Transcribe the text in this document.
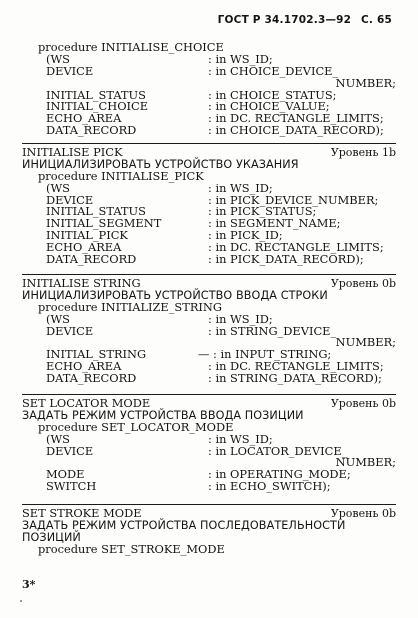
ГОСТ Р 34.1702.3—92 С. 65
procedure INITIALISE_CHOICE
(WS	: in WS_ID;
DEVICE	: in CHOICE_DEVICE_
NUMBER;
INITIAL_STATUS	: in CHOICE_STATUS;
INITIAL_CHOICE	: in CHOICE_VALUE;
ECHO_AREA	: in DC. RECTANGLE_LIMITS;
DATA_RECORD	: in CHOICE_DATA_RECORD);
INITIALISE PICK	Уровень 1b
ИНИЦИАЛИЗИРОВАТЬ УСТРОЙСТВО УКАЗАНИЯ
procedure INITIALISE_PICK
(WS	: in WS_ID;
DEVICE	: in PICK_DEVICE_NUMBER;
INITIAL_STATUS	: in PICK_STATUS;
INITIAL_SEGMENT	: in SEGMENT_NAME;
INITIAL_PICK	: in PICK_ID;
ECHO_AREA	: in DC. RECTANGLE_LIMITS;
DATA_RECORD	: in PICK_DATA_RECORD);
INITIALISE STRING	Уровень 0b
ИНИЦИАЛИЗИРОВАТЬ УСТРОЙСТВО ВВОДА СТРОКИ
procedure INITIALIZE_STRING
(WS	: in WS_ID;
DEVICE	: in STRING_DEVICE_
NUMBER;
INITIAL_STRING	— : in INPUT_STRING;
ECHO_AREA	: in DC. RECTANGLE_LIMITS;
DATA_RECORD	: in STRING_DATA_RECORD);
SET LOCATOR MODE	Уровень 0b
ЗАДАТЬ РЕЖИМ УСТРОЙСТВА ВВОДА ПОЗИЦИИ
procedure SET_LOCATOR_MODE
(WS	: in WS_ID;
DEVICE	: in LOCATOR_DEVICE_
NUMBER;
MODE	: in OPERATING_MODE;
SWITCH	: in ECHO_SWITCH);
SET STROKE MODE	Уровень 0b
ЗАДАТЬ РЕЖИМ УСТРОЙСТВА ПОСЛЕДОВАТЕЛЬНОСТИ
ПОЗИЦИЙ
procedure SET_STROKE_MODE
3*
